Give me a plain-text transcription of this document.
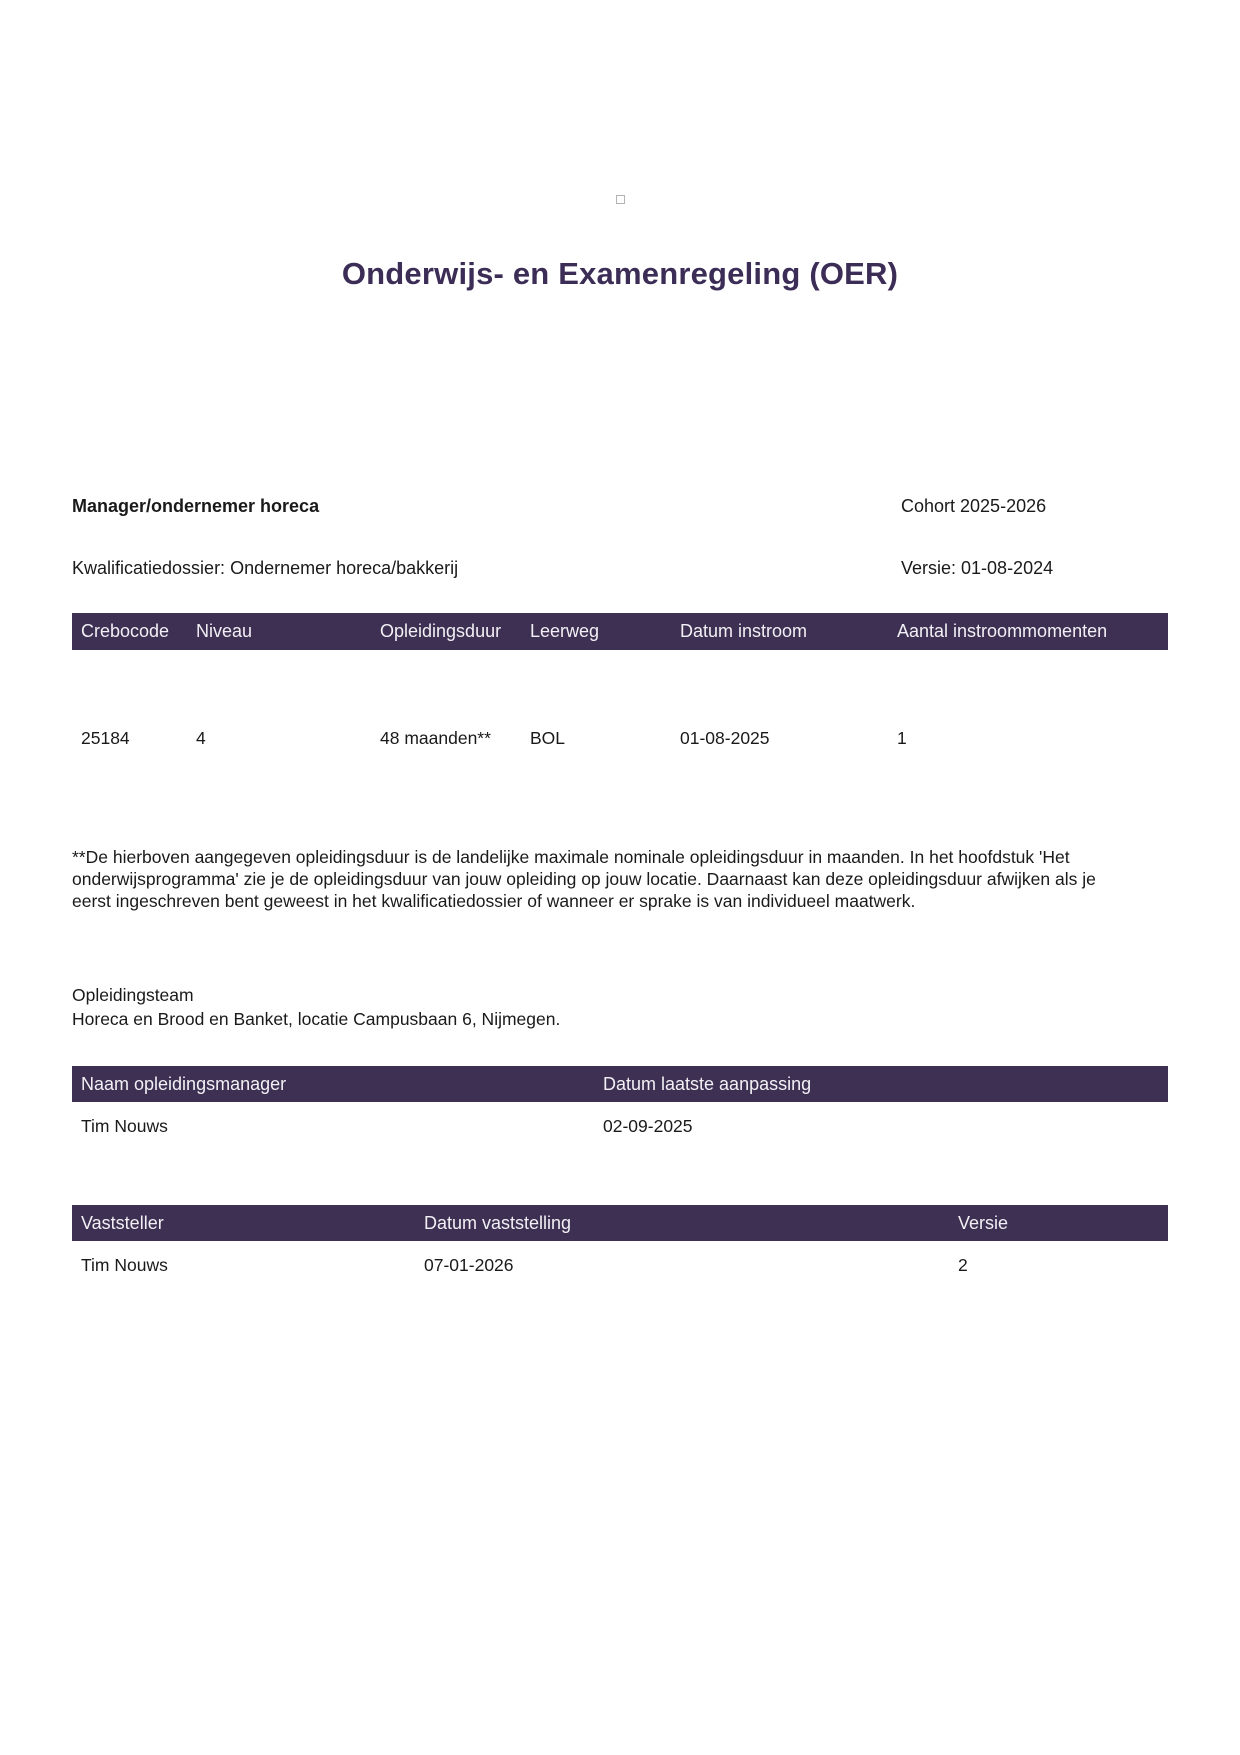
Onderwijs- en Examenregeling (OER)
Manager/ondernemer horeca	Cohort 2025-2026
Kwalificatiedossier: Ondernemer horeca/bakkerij	Versie: 01-08-2024
Crebocode	Niveau	Opleidingsduur	Leerweg	Datum instroom	Aantal instroommomenten
25184	4	48 maanden**	BOL	01-08-2025	1

**De hierboven aangegeven opleidingsduur is de landelijke maximale nominale opleidingsduur in maanden. In het hoofdstuk 'Het onderwijsprogramma' zie je de opleidingsduur van jouw opleiding op jouw locatie. Daarnaast kan deze opleidingsduur afwijken als je eerst ingeschreven bent geweest in het kwalificatiedossier of wanneer er sprake is van individueel maatwerk.

Opleidingsteam
Horeca en Brood en Banket, locatie Campusbaan 6, Nijmegen.
Naam opleidingsmanager	Datum laatste aanpassing
Tim Nouws	02-09-2025
Vaststeller	Datum vaststelling	Versie
Tim Nouws	07-01-2026	2
